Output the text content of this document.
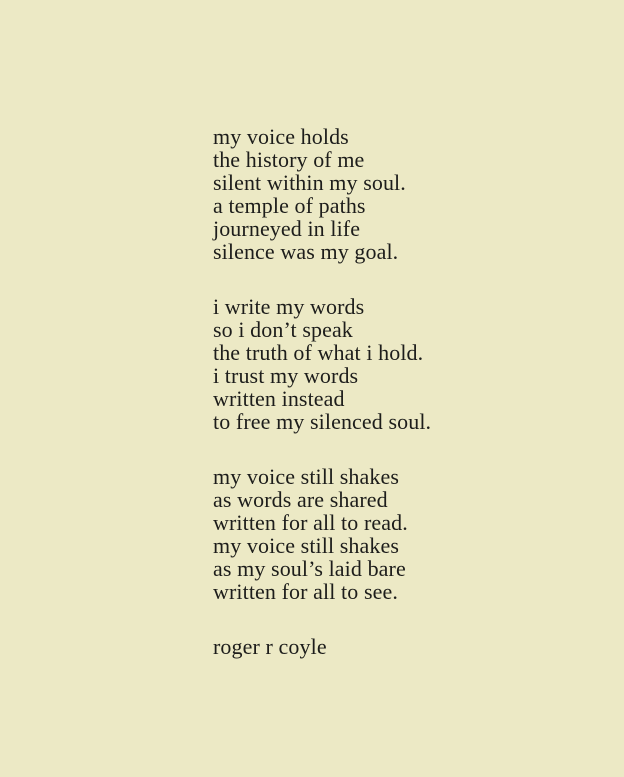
my voice holds
the history of me
silent within my soul.
a temple of paths
journeyed in life
silence was my goal.
i write my words
so i don’t speak
the truth of what i hold.
i trust my words
written instead
to free my silenced soul.
my voice still shakes
as words are shared
written for all to read.
my voice still shakes
as my soul’s laid bare
written for all to see.
roger r coyle
